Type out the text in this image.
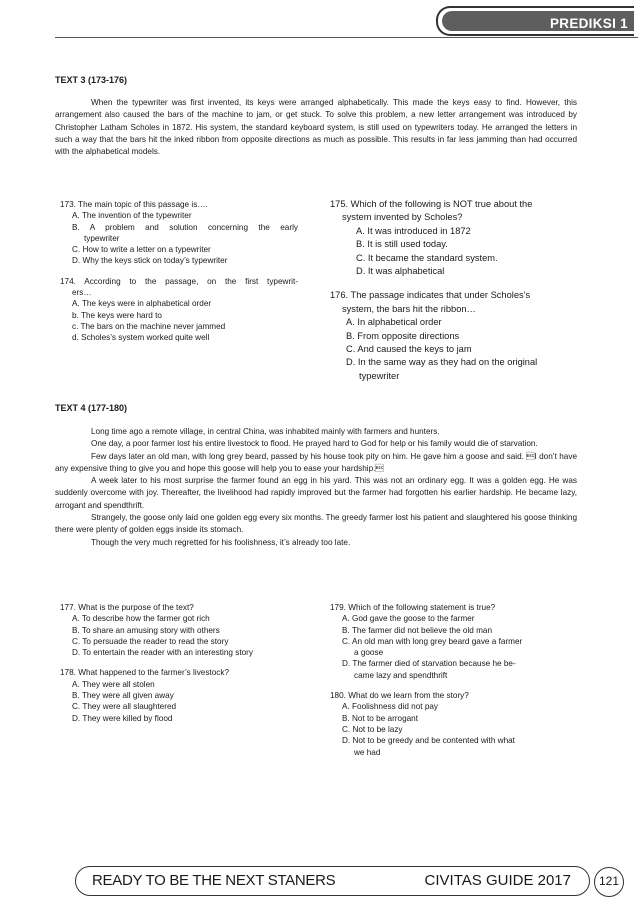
PREDIKSI 1
TEXT 3 (173-176)

When the typewriter was first invented, its keys were arranged alphabetically. This made the keys easy to find. However, this arrangement also caused the bars of the machine to jam, or get stuck. To solve this problem, a new letter arrangement was introduced by Christopher Latham Scholes in 1872. His system, the standard keyboard system, is still used on typewriters today. He arranged the letters in such a way that the bars hit the inked ribbon from opposite directions as much as possible. This results in far less jamming than had occurred with the alphabetical models.

173. The main topic of this passage is….
A. The invention of the typewriter
B. A problem and solution concerning the early
typewriter
C. How to write a letter on a typewriter
D. Why the keys stick on today’s typewriter
174. According to the passage, on the first typewrit-
ers…
A. The keys were in alphabetical order
b. The keys were hard to
c. The bars on the machine never jammed
d. Scholes’s system worked quite well
175. Which of the following is NOT true about the
system invented by Scholes?
A. It was introduced in 1872
B. It is still used today.
C. It became the standard system.
D. It was alphabetical
176. The passage indicates that under Scholes’s
system, the bars hit the ribbon…
A. In alphabetical order
B. From opposite directions
C. And caused the keys to jam
D. In the same way as they had on the original
typewriter
TEXT 4 (177-180)

Long time ago a remote village, in central China, was inhabited mainly with farmers and hunters.

One day, a poor farmer lost his entire livestock to flood. He prayed hard to God for help or his family would die of starvation.

Few days later an old man, with long grey beard, passed by his house took pity on him. He gave him a goose and said. I don’t have any expensive thing to give you and hope this goose will help you to ease your hardship.

A week later to his most surprise the farmer found an egg in his yard. This was not an ordinary egg. It was a golden egg. He was suddenly overcome with joy. Thereafter, the livelihood had rapidly improved but the farmer had forgotten his earlier hardship. He became lazy, arrogant and spendthrift.

Strangely, the goose only laid one golden egg every six months. The greedy farmer lost his patient and slaughtered his goose thinking there were plenty of golden eggs inside its stomach.

Though the very much regretted for his foolishness, it’s already too late.

177. What is the purpose of the text?
A. To describe how the farmer got rich
B. To share an amusing story with others
C. To persuade the reader to read the story
D. To entertain the reader with an interesting story
178. What happened to the farmer’s livestock?
A. They were all stolen
B. They were all given away
C. They were all slaughtered
D. They were killed by flood
179. Which of the following statement is true?
A. God gave the goose to the farmer
B. The farmer did not believe the old man
C. An old man with long grey beard gave a farmer
a goose
D. The farmer died of starvation because he be-
came lazy and spendthrift
180. What do we learn from the story?
A. Foolishness did not pay
B. Not to be arrogant
C. Not to be lazy
D. Not to be greedy and be contented with what
we had
READY TO BE THE NEXT STANERS	CIVITAS GUIDE 2017	121
